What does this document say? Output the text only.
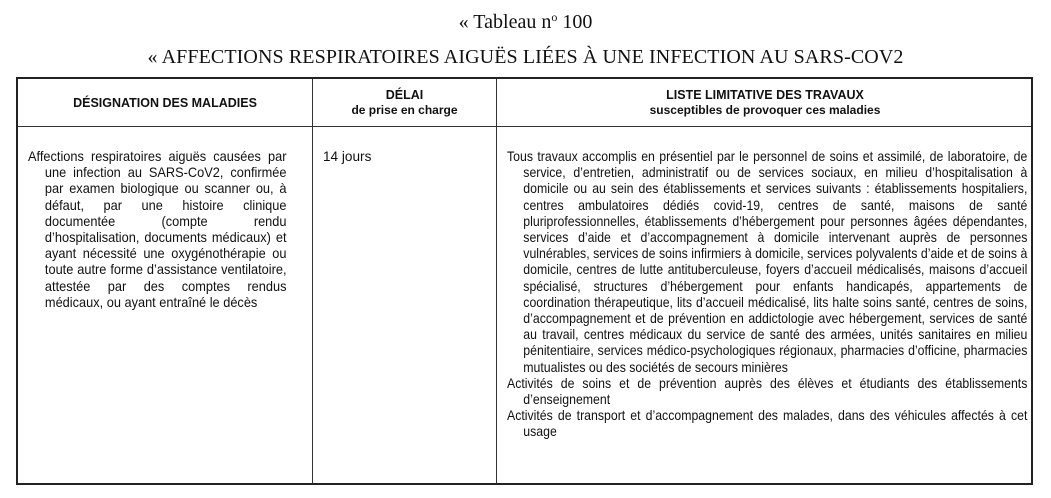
« Tableau $n^o$ 100
« AFFECTIONS RESPIRATOIRES AIGUËS LIÉES À UNE INFECTION AU SARS-COV2
DÉSIGNATION DES MALADIES
DÉLAI
de prise en charge
LISTE LIMITATIVE DES TRAVAUX
susceptibles de provoquer ces maladies
Affections respiratoires aiguës causées par une infection au SARS-CoV2, confirmée par examen biologique ou scanner ou, à défaut, par une histoire clinique documentée (compte rendu d’hospitalisation, documents médicaux) et ayant nécessité une oxygénothérapie ou toute autre forme d’assistance ventilatoire, attestée par des comptes rendus médicaux, ou ayant entraîné le décès
14 jours	Tous travaux accomplis en présentiel par le personnel de soins et assimilé, de laboratoire, de service, d’entretien, administratif ou de services sociaux, en milieu d’hospitalisation à domicile ou au sein des établissements et services suivants : établissements hospitaliers, centres ambulatoires dédiés covid-19, centres de santé, maisons de santé pluriprofessionnelles, établissements d’hébergement pour personnes âgées dépendantes, services d’aide et d’accompagnement à domicile intervenant auprès de personnes vulnérables, services de soins infirmiers à domicile, services polyvalents d’aide et de soins à domicile, centres de lutte antituberculeuse, foyers d’accueil médicalisés, maisons d’accueil spécialisé, structures d’hébergement pour enfants handicapés, appartements de coordination thérapeutique, lits d’accueil médicalisé, lits halte soins santé, centres de soins, d’accompagnement et de prévention en addictologie avec hébergement, services de santé au travail, centres médicaux du service de santé des armées, unités sanitaires en milieu pénitentiaire, services médico-psychologiques régionaux, pharmacies d’officine, pharmacies mutualistes ou des sociétés de secours minières

Activités de soins et de prévention auprès des élèves et étudiants des établissements d’enseignement

Activités de transport et d’accompagnement des malades, dans des véhicules affectés à cet usage
